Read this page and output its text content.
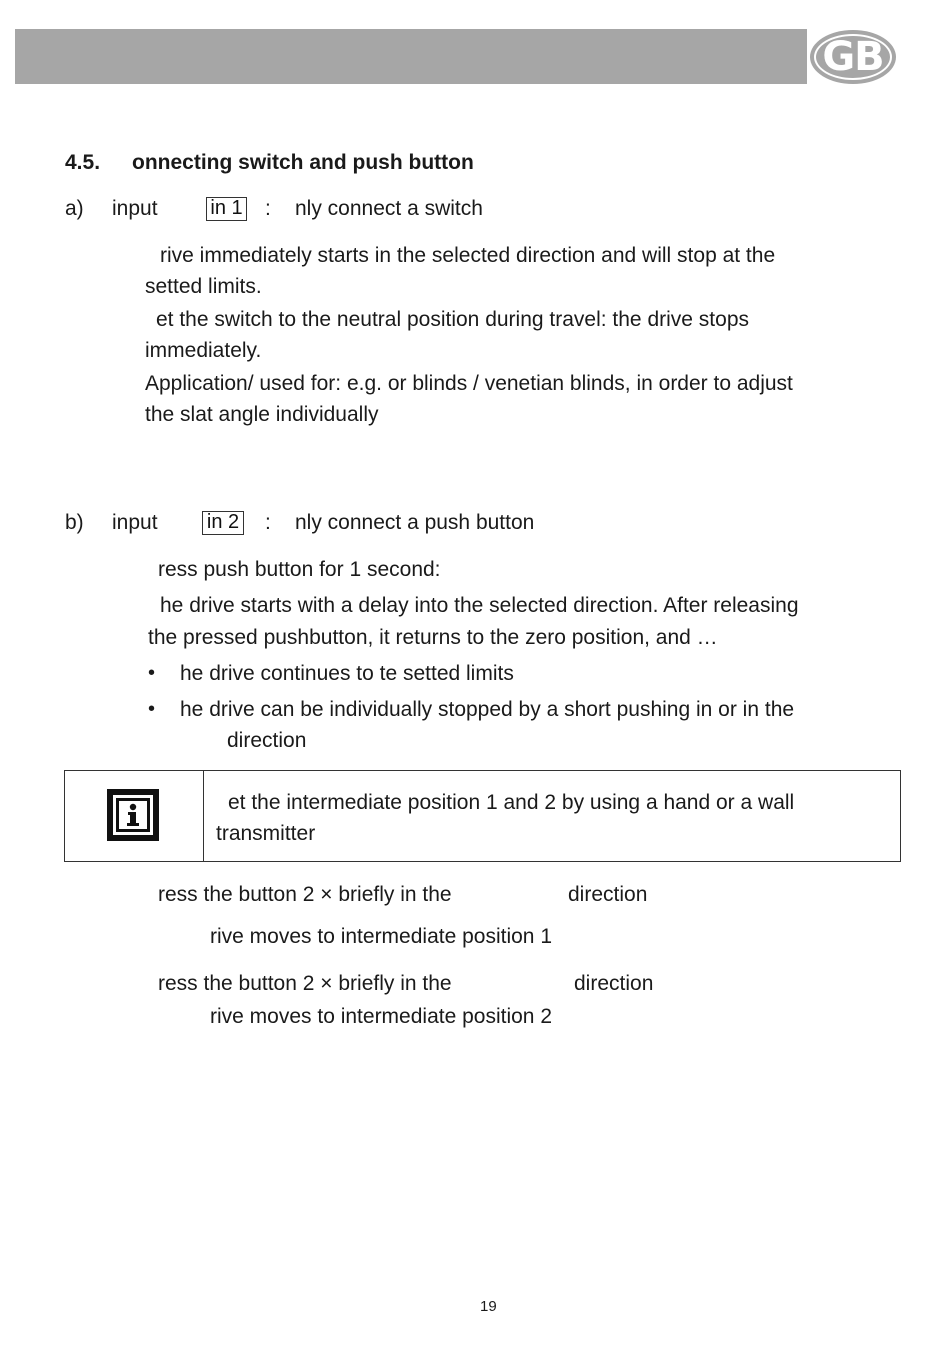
GB
4.5. onnecting switch and push button
a) input	in 1 : nly connect a switch
rive immediately starts in the selected direction and will stop at the
setted limits.
et the switch to the neutral position during travel: the drive stops
immediately.
Application/ used for: e.g. or blinds / venetian blinds, in order to adjust
the slat angle individually
b) input in 2 : nly connect a push button
ress push button for 1 second:
he drive starts with a delay into the selected direction. After releasing
the pressed pushbutton, it returns to the zero position, and …
• he drive continues to te setted limits
• he drive can be individually stopped by a short pushing in or in the
direction
et the intermediate position 1 and 2 by using a hand or a wall
transmitter
ress the button 2 × briefly in the	direction
rive moves to intermediate position 1
ress the button 2 × briefly in the	direction
rive moves to intermediate position 2
19
